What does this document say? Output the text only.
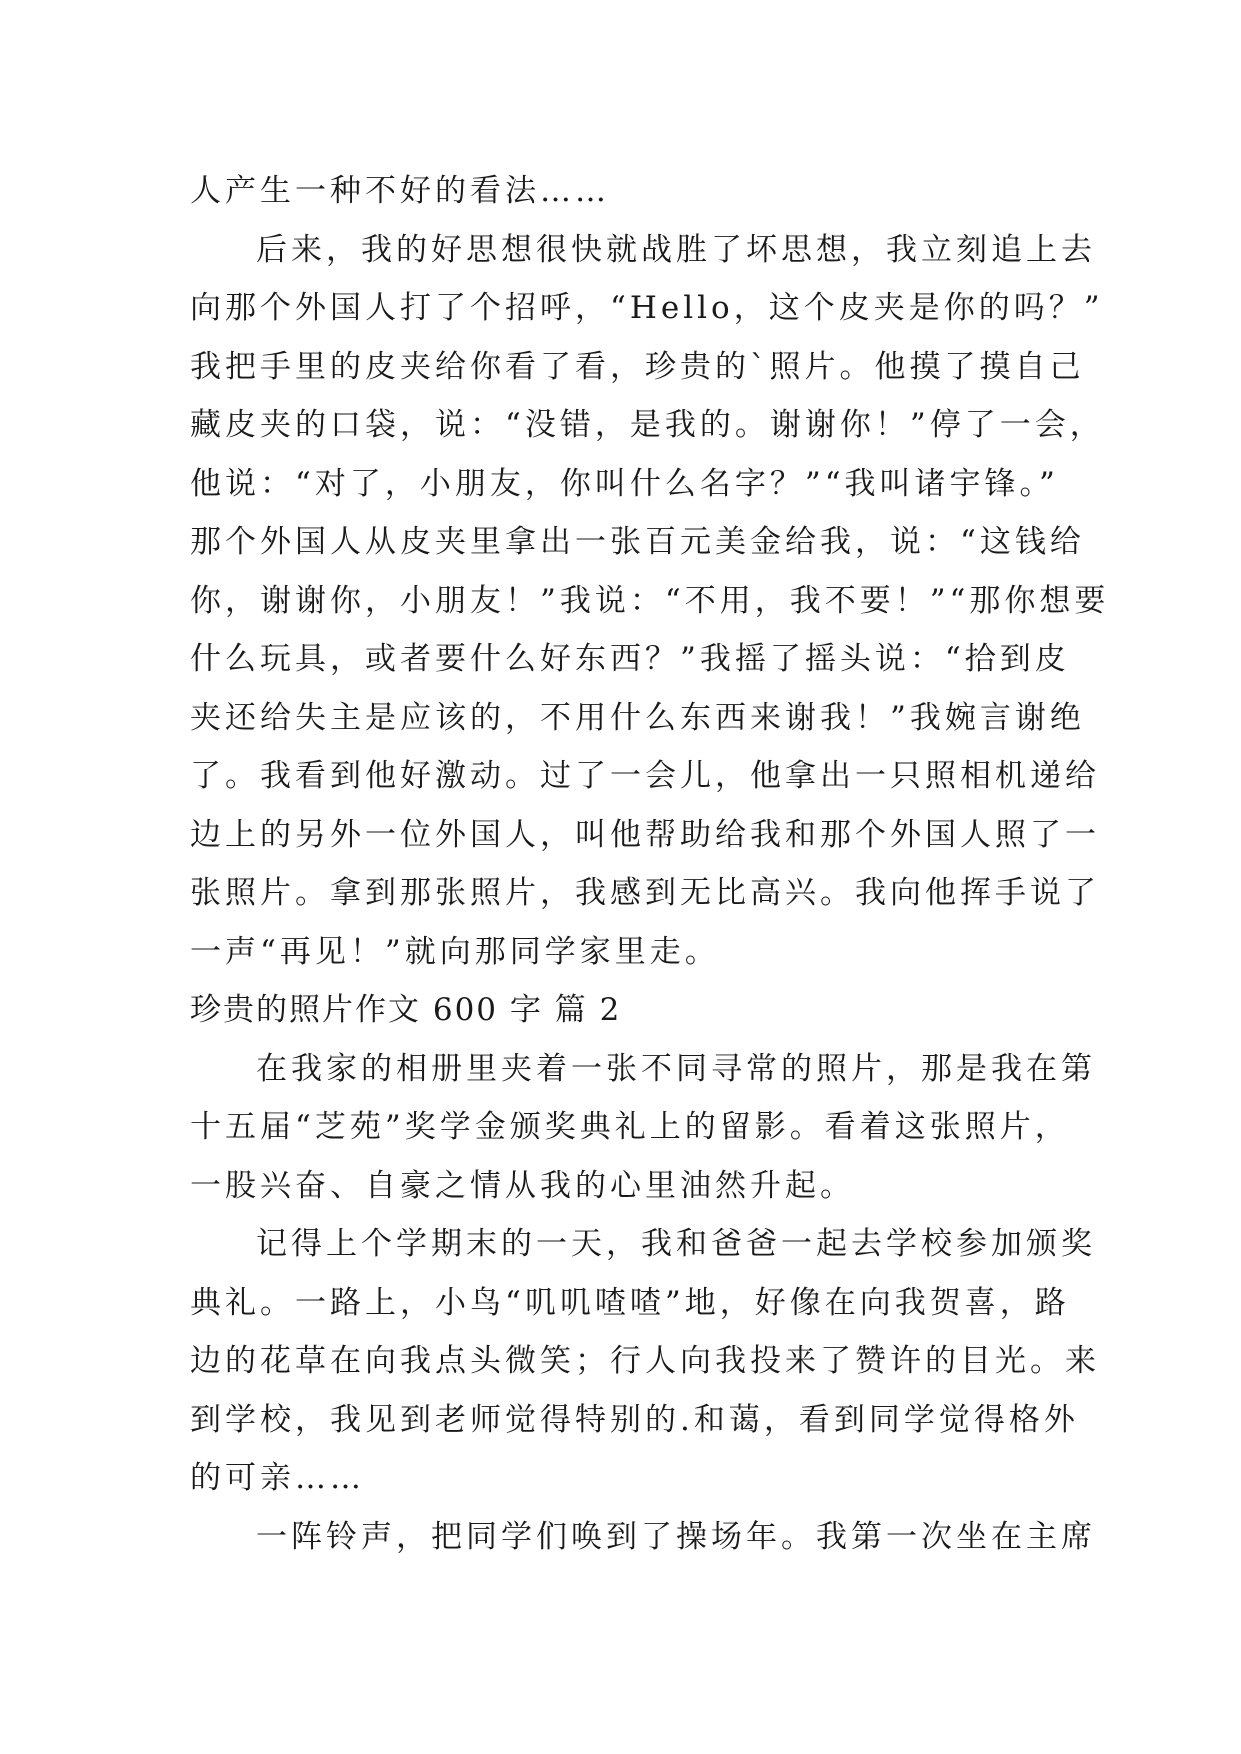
人产生一种不好的看法……
后来，我的好思想很快就战胜了坏思想，我立刻追上去
向那个外国人打了个招呼，“Hello，这个皮夹是你的吗？”
我把手里的皮夹给你看了看，珍贵的`照片。他摸了摸自己
藏皮夹的口袋，说：“没错，是我的。谢谢你！”停了一会，
他说：“对了，小朋友，你叫什么名字？”“我叫诸宇锋。”
那个外国人从皮夹里拿出一张百元美金给我，说：“这钱给
你，谢谢你，小朋友！”我说：“不用，我不要！”“那你想要
什么玩具，或者要什么好东西？”我摇了摇头说：“拾到皮
夹还给失主是应该的，不用什么东西来谢我！”我婉言谢绝
了。我看到他好激动。过了一会儿，他拿出一只照相机递给
边上的另外一位外国人，叫他帮助给我和那个外国人照了一
张照片。拿到那张照片，我感到无比高兴。我向他挥手说了
一声“再见！”就向那同学家里走。
珍贵的照片作文 600 字 篇 2
在我家的相册里夹着一张不同寻常的照片，那是我在第
十五届“芝苑”奖学金颁奖典礼上的留影。看着这张照片，
一股兴奋、自豪之情从我的心里油然升起。
记得上个学期末的一天，我和爸爸一起去学校参加颁奖
典礼。一路上，小鸟“叽叽喳喳”地，好像在向我贺喜，路
边的花草在向我点头微笑；行人向我投来了赞许的目光。来
到学校，我见到老师觉得特别的.和蔼，看到同学觉得格外
的可亲……
一阵铃声，把同学们唤到了操场年。我第一次坐在主席
